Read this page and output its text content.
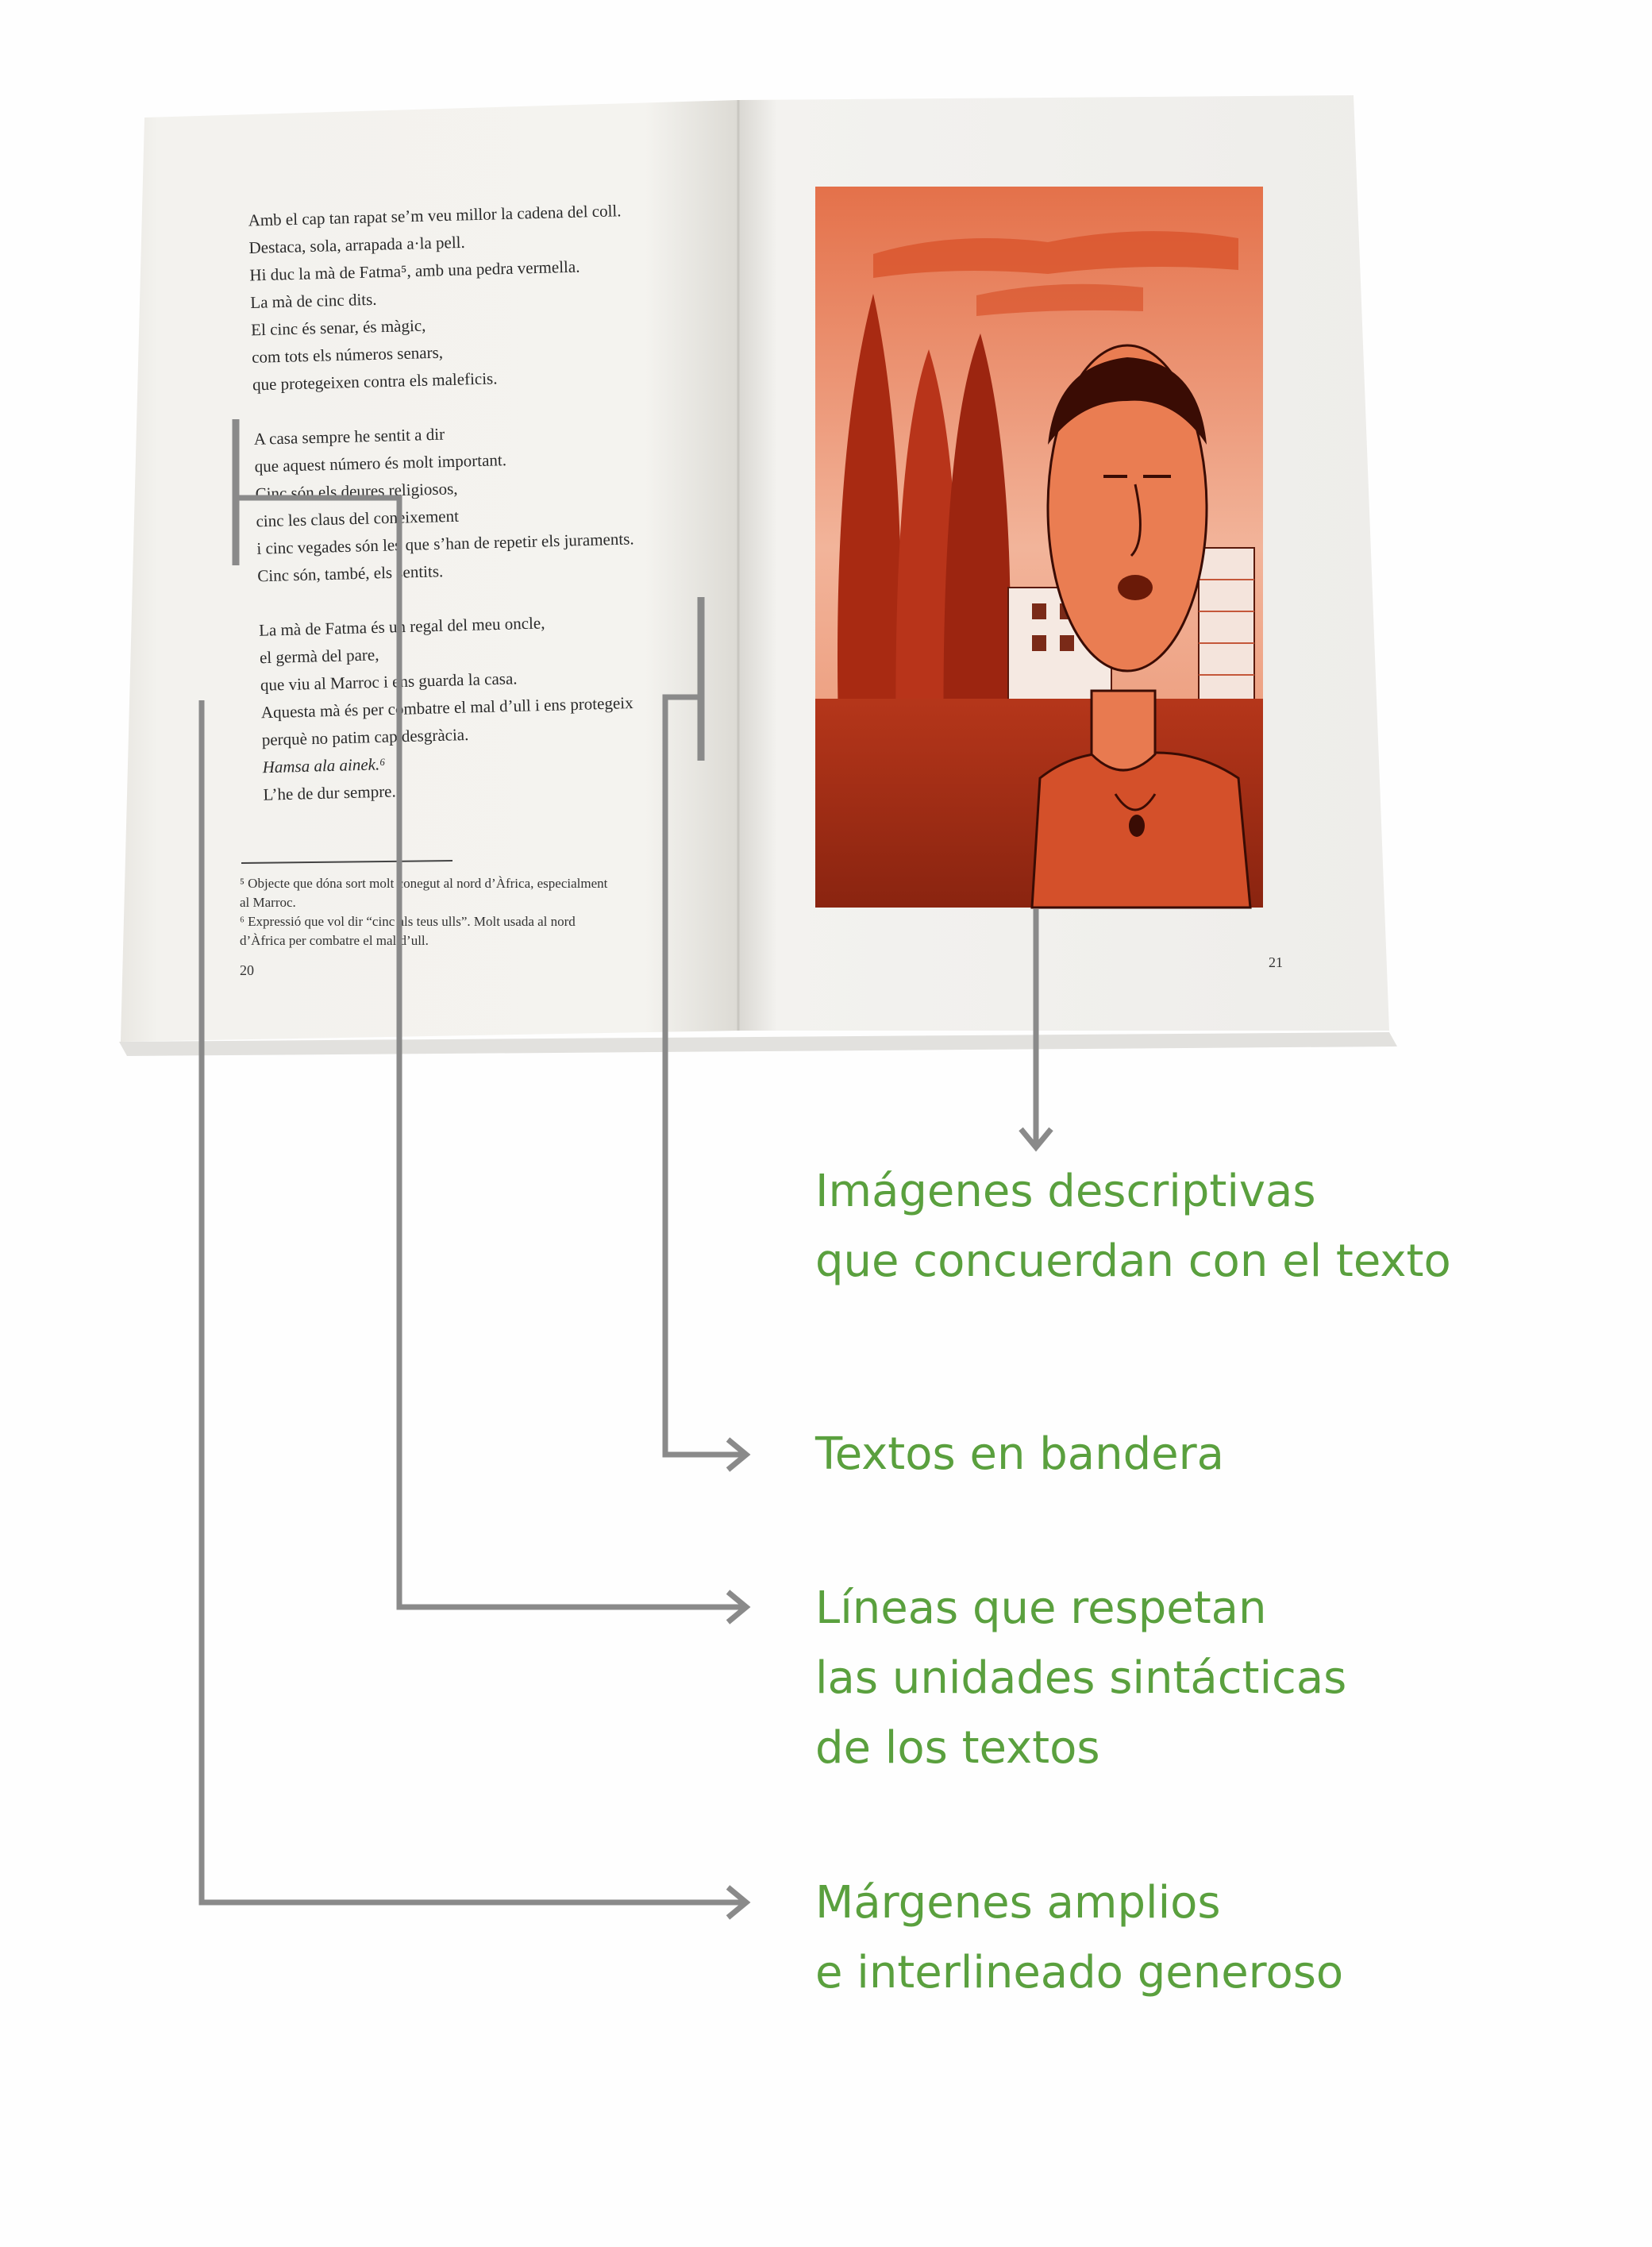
Amb el cap tan rapat se’m veu millor la cadena del coll.
Destaca, sola, arrapada a·la pell.
Hi duc la mà de Fatma⁵, amb una pedra vermella.
La mà de cinc dits.
El cinc és senar, és màgic,
com tots els números senars,
que protegeixen contra els maleficis.
A casa sempre he sentit a dir
que aquest número és molt important.
Cinc són els deures religiosos,
cinc les claus del coneixement
i cinc vegades són les que s’han de repetir els juraments.
Cinc són, també, els sentits.
La mà de Fatma és un regal del meu oncle,
el germà del pare,
que viu al Marroc i ens guarda la casa.
Aquesta mà és per combatre el mal d’ull i ens protegeix
perquè no patim cap desgràcia.
Hamsa ala ainek.⁶
L’he de dur sempre.
⁵ Objecte que dóna sort molt conegut al nord d’Àfrica, especialment
al Marroc.
⁶ Expressió que vol dir “cinc als teus ulls”. Molt usada al nord
d’Àfrica per combatre el mal d’ull.
20	21

Imágenes descriptivas
que concuerdan con el texto

Textos en bandera

Líneas que respetan
las unidades sintácticas
de los textos

Márgenes amplios
e interlineado generoso
